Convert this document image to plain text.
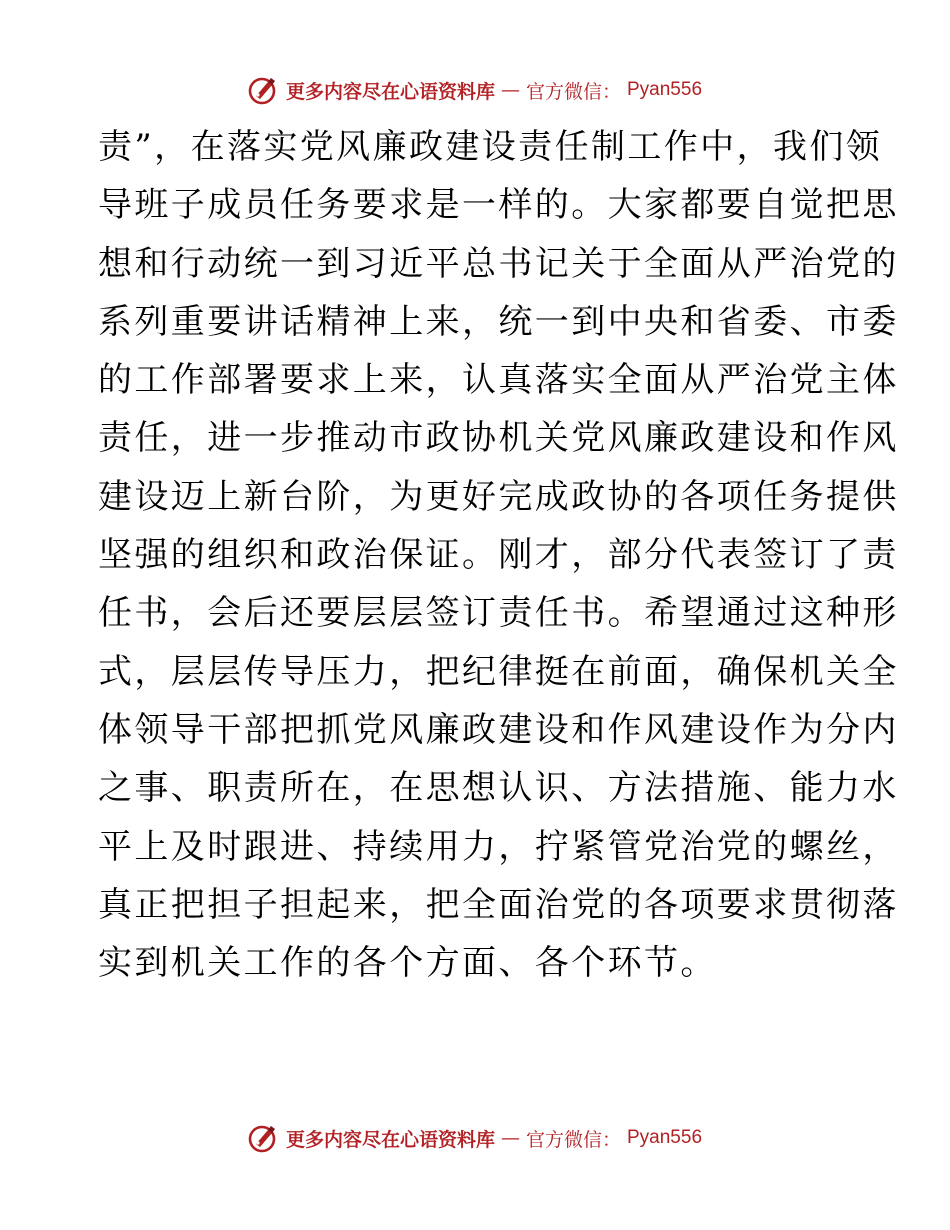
更多内容尽在心语资料库 — 官方微信： Pyan556
责”，在落实党风廉政建设责任制工作中，我们领
导班子成员任务要求是一样的。大家都要自觉把思
想和行动统一到习近平总书记关于全面从严治党的
系列重要讲话精神上来，统一到中央和省委、市委
的工作部署要求上来，认真落实全面从严治党主体
责任，进一步推动市政协机关党风廉政建设和作风
建设迈上新台阶，为更好完成政协的各项任务提供
坚强的组织和政治保证。刚才，部分代表签订了责
任书，会后还要层层签订责任书。希望通过这种形
式，层层传导压力，把纪律挺在前面，确保机关全
体领导干部把抓党风廉政建设和作风建设作为分内
之事、职责所在，在思想认识、方法措施、能力水
平上及时跟进、持续用力，拧紧管党治党的螺丝，
真正把担子担起来，把全面治党的各项要求贯彻落
实到机关工作的各个方面、各个环节。
更多内容尽在心语资料库 — 官方微信： Pyan556
